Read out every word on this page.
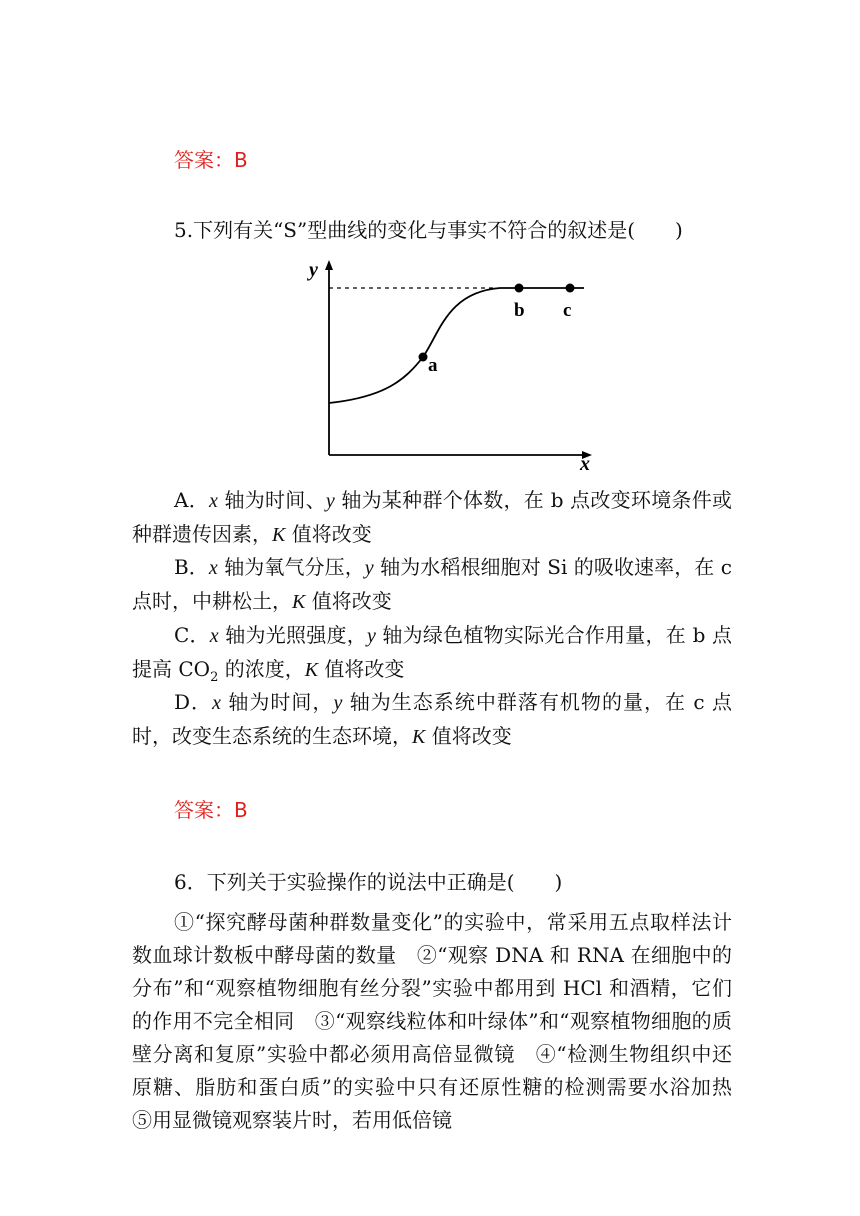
答案：B
5.下列有关“S”型曲线的变化与事实不符合的叙述是(　　)
y
x
a
b c
A．x 轴为时间、y 轴为某种群个体数，在 b 点改变环境条件或种群遗传因素，K 值将改变
B．x 轴为氧气分压，y 轴为水稻根细胞对 Si 的吸收速率，在 c 点时，中耕松土，K 值将改变
C．x 轴为光照强度，y 轴为绿色植物实际光合作用量，在 b 点提高 $CO_2$ 的浓度，K 值将改变
D．x 轴为时间，y 轴为生态系统中群落有机物的量，在 c 点时，改变生态系统的生态环境，K 值将改变
答案：B
6．下列关于实验操作的说法中正确是(　　)
①“探究酵母菌种群数量变化”的实验中，常采用五点取样法计数血球计数板中酵母菌的数量　②“观察 DNA 和 RNA 在细胞中的分布”和“观察植物细胞有丝分裂”实验中都用到 HCl 和酒精，它们的作用不完全相同　③“观察线粒体和叶绿体”和“观察植物细胞的质壁分离和复原”实验中都必须用高倍显微镜　④“检测生物组织中还原糖、脂肪和蛋白质”的实验中只有还原性糖的检测需要水浴加热　⑤用显微镜观察装片时，若用低倍镜
